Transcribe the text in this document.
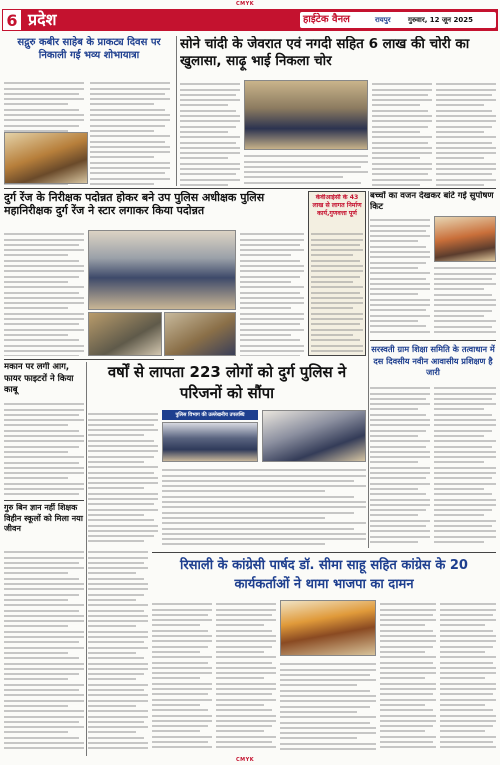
CMYK
6 प्रदेश	हाईटेक वैनल	रायपुर गुरुवार, 12 जून 2025
सद्गुरु कबीर साहेब के प्राकट्य दिवस पर निकाली गई भव्य शोभायात्रा
सोने चांदी के जेवरात एवं नगदी सहित 6 लाख की चोरी का खुलासा, साढ़ू भाई निकला चोर
दुर्ग रेंज के निरीक्षक पदोन्नत होकर बने उप पुलिस अधीक्षक पुलिस महानिरीक्षक दुर्ग रेंज ने स्टार लगाकर किया पदोन्नत
केवीआईसी के 43 लाख से लागत निर्माण कार्य,गुणवत्ता पूर्ण
बच्चों का वजन देखकर बांटे गई सुपोषण किट
सरस्वती ग्राम शिक्षा समिति के तत्वाधान में दस दिवसीय नवीन आवासीय प्रशिक्षण है जारी
मकान पर लगी आग, फायर फाइटरों ने किया काबू
वर्षों से लापता 223 लोगों को दुर्ग पुलिस ने परिजनों को सौंपा
पुलिस विभाग की उल्लेखनीय उपलब्धि
गुरु बिन ज्ञान नहीं शिक्षक विहीन स्कूलों को मिला नया जीवन
रिसाली के कांग्रेसी पार्षद डॉ. सीमा साहू सहित कांग्रेस के 20 कार्यकर्ताओं ने थामा भाजपा का दामन
CMYK
